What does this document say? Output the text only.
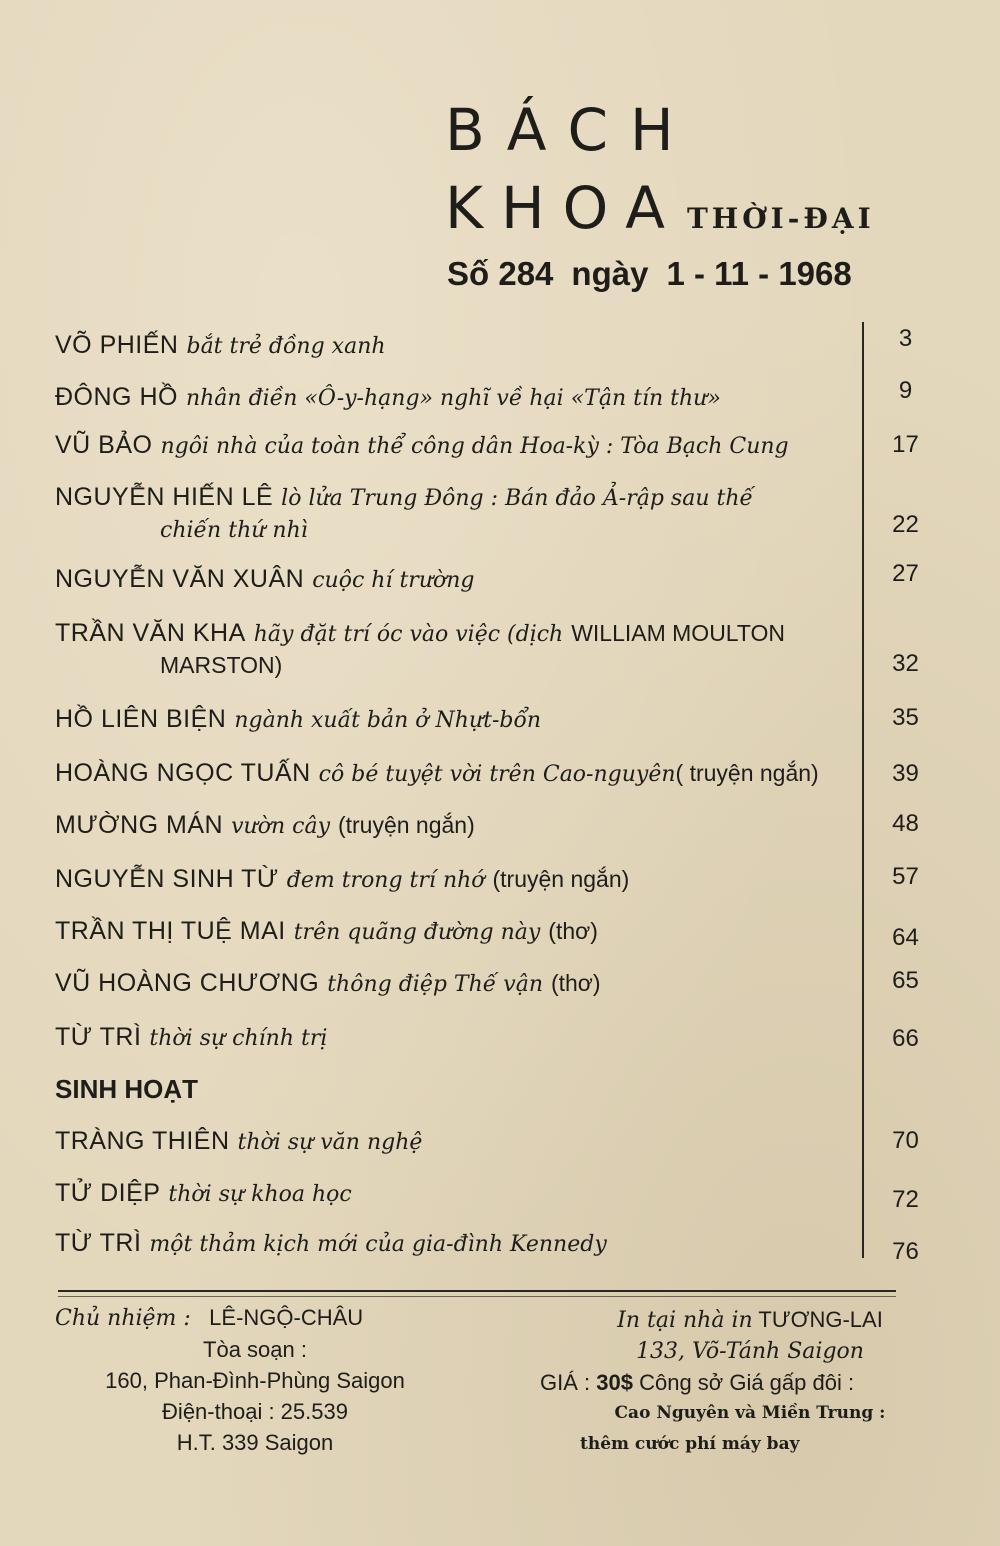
BÁCH
KHOA THỜI-ĐẠI
Số 284 ngày 1 - 11 - 1968
VÕ PHIẾN bắt trẻ đồng xanh
ĐÔNG HỒ nhân điền «Ô-y-hạng» nghĩ về hại «Tận tín thư»
VŨ BẢO ngôi nhà của toàn thể công dân Hoa-kỳ : Tòa Bạch Cung
NGUYỄN HIẾN LÊ lò lửa Trung Đông : Bán đảo Ả-rập sau thế
chiến thứ nhì
NGUYỄN VĂN XUÂN cuộc hí trường
TRẦN VĂN KHA hãy đặt trí óc vào việc (dịch WILLIAM MOULTON
MARSTON)
HỒ LIÊN BIỆN ngành xuất bản ở Nhựt-bổn
HOÀNG NGỌC TUẤN cô bé tuyệt vời trên Cao-nguyên( truyện ngắn)
MƯỜNG MÁN vườn cây (truyện ngắn)
NGUYỄN SINH TỪ đem trong trí nhớ (truyện ngắn)
TRẦN THỊ TUỆ MAI trên quãng đường này (thơ)
VŨ HOÀNG CHƯƠNG thông điệp Thế vận (thơ)
TỪ TRÌ thời sự chính trị
SINH HOẠT
TRÀNG THIÊN thời sự văn nghệ
TỬ DIỆP thời sự khoa học
TỪ TRÌ một thảm kịch mới của gia-đình Kennedy
3
9
17
22
27
32
35
39
48
57
64
65
66
70
72
76
Chủ nhiệm : LÊ-NGỘ-CHÂU
Tòa soạn :
160, Phan-Đình-Phùng Saigon
Điện-thoại : 25.539
H.T. 339 Saigon
In tại nhà in TƯƠNG-LAI
133, Võ-Tánh Saigon
GIÁ : 30$ Công sở Giá gấp đôi :
Cao Nguyên và Miền Trung :
thêm cước phí máy bay
